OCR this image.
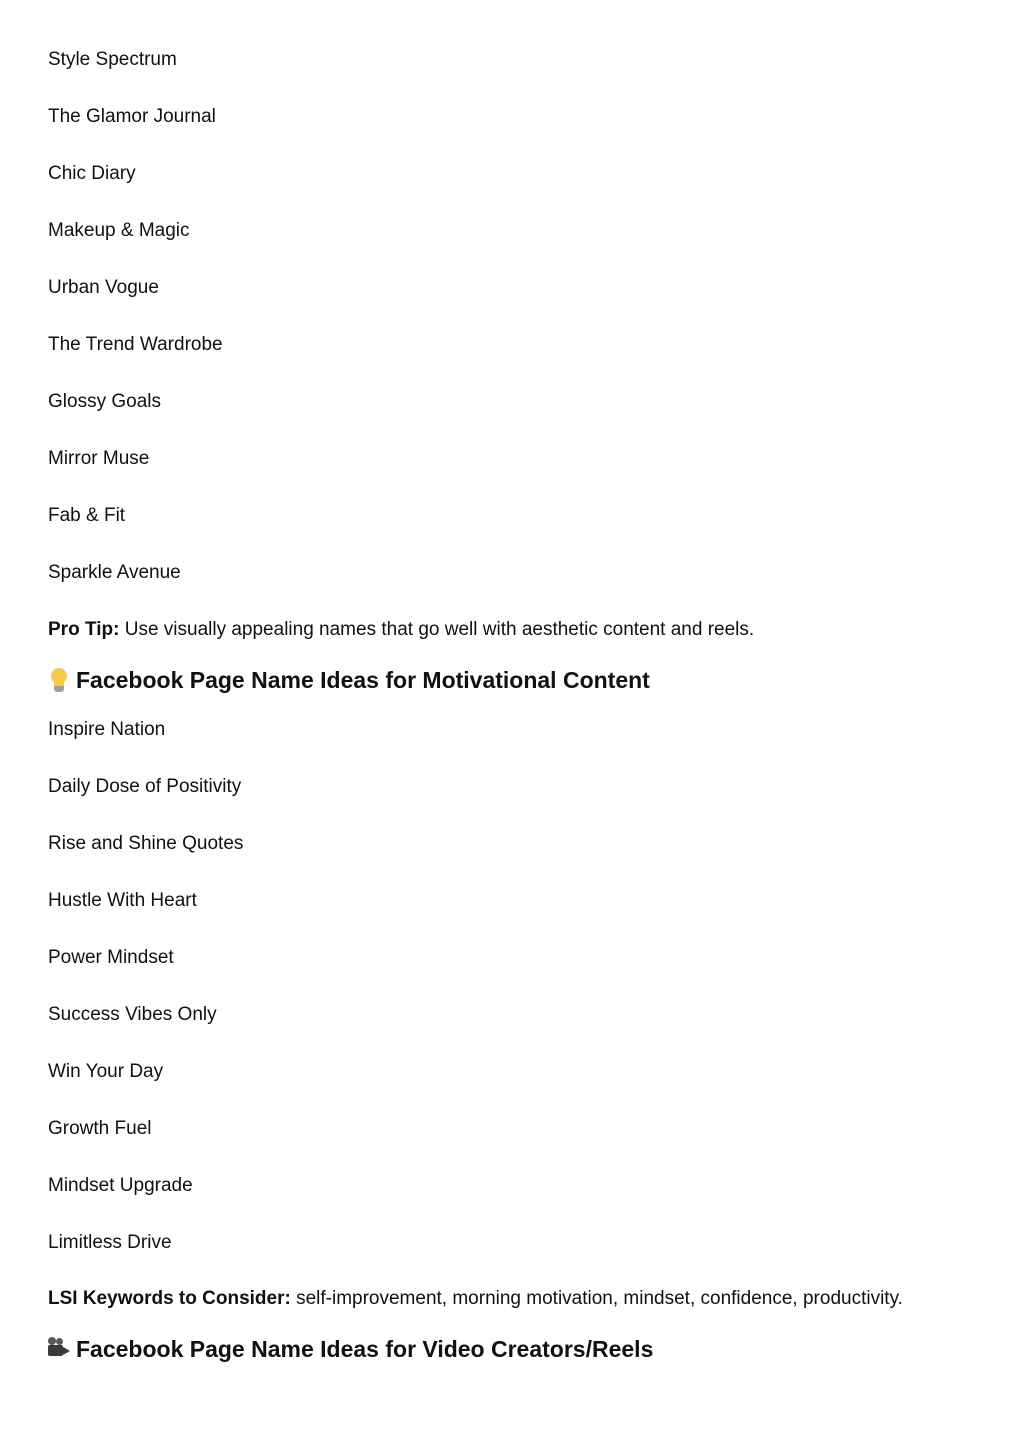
Style Spectrum
The Glamor Journal
Chic Diary
Makeup & Magic
Urban Vogue
The Trend Wardrobe
Glossy Goals
Mirror Muse
Fab & Fit
Sparkle Avenue
Pro Tip: Use visually appealing names that go well with aesthetic content and reels.
Facebook Page Name Ideas for Motivational Content
Inspire Nation
Daily Dose of Positivity
Rise and Shine Quotes
Hustle With Heart
Power Mindset
Success Vibes Only
Win Your Day
Growth Fuel
Mindset Upgrade
Limitless Drive
LSI Keywords to Consider: self-improvement, morning motivation, mindset, confidence, productivity.
Facebook Page Name Ideas for Video Creators/Reels
